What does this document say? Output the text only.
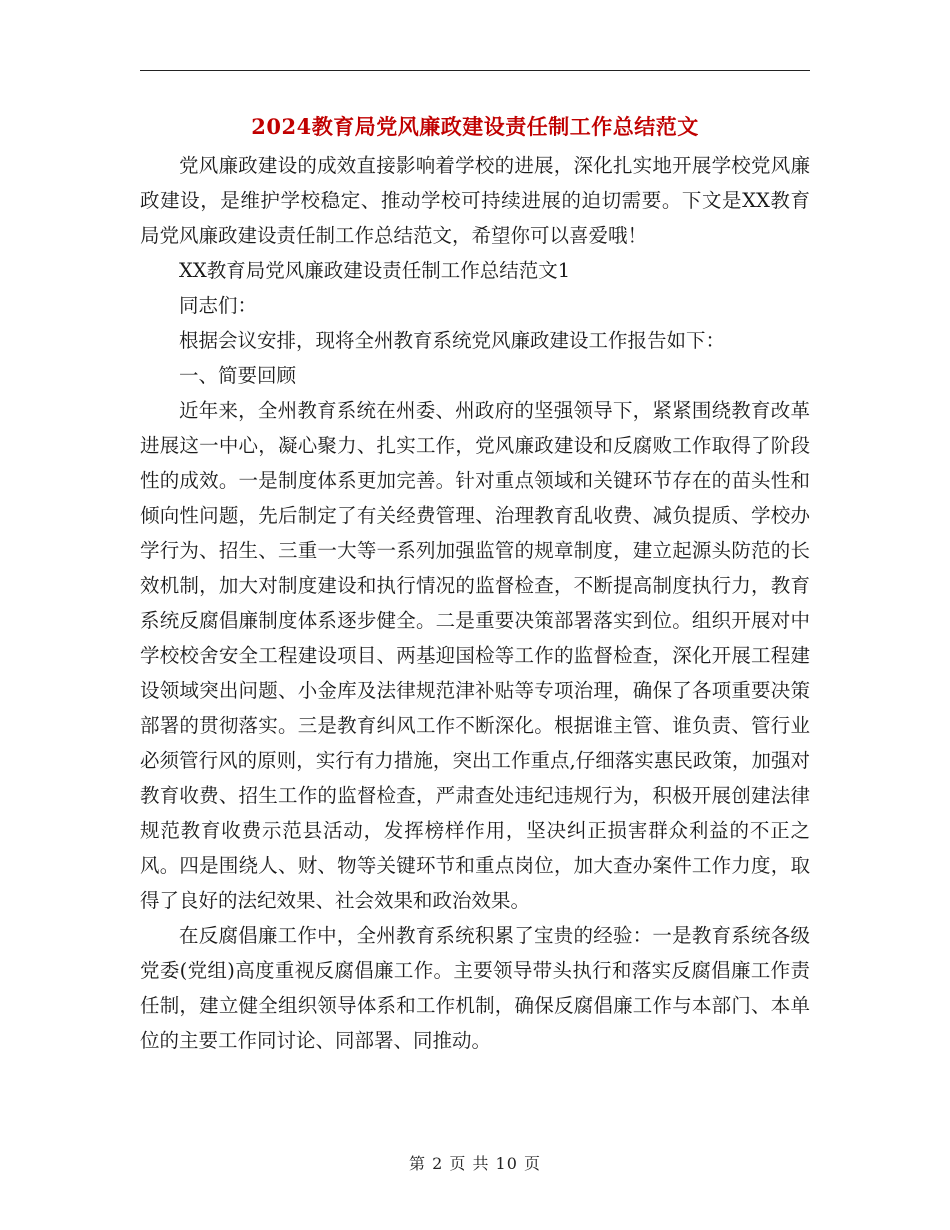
2024教育局党风廉政建设责任制工作总结范文

党风廉政建设的成效直接影响着学校的进展，深化扎实地开展学校党风廉政建设，是维护学校稳定、推动学校可持续进展的迫切需要。下文是XX教育局党风廉政建设责任制工作总结范文，希望你可以喜爱哦！

XX教育局党风廉政建设责任制工作总结范文1

同志们：

根据会议安排，现将全州教育系统党风廉政建设工作报告如下：

一、简要回顾

近年来，全州教育系统在州委、州政府的坚强领导下，紧紧围绕教育改革进展这一中心，凝心聚力、扎实工作，党风廉政建设和反腐败工作取得了阶段性的成效。一是制度体系更加完善。针对重点领域和关键环节存在的苗头性和倾向性问题，先后制定了有关经费管理、治理教育乱收费、减负提质、学校办学行为、招生、三重一大等一系列加强监管的规章制度，建立起源头防范的长效机制，加大对制度建设和执行情况的监督检查，不断提高制度执行力，教育系统反腐倡廉制度体系逐步健全。二是重要决策部署落实到位。组织开展对中学校校舍安全工程建设项目、两基迎国检等工作的监督检查，深化开展工程建设领域突出问题、小金库及法律规范津补贴等专项治理，确保了各项重要决策部署的贯彻落实。三是教育纠风工作不断深化。根据谁主管、谁负责、管行业必须管行风的原则，实行有力措施，突出工作重点,仔细落实惠民政策，加强对教育收费、招生工作的监督检查，严肃查处违纪违规行为，积极开展创建法律规范教育收费示范县活动，发挥榜样作用，坚决纠正损害群众利益的不正之风。四是围绕人、财、物等关键环节和重点岗位，加大查办案件工作力度，取得了良好的法纪效果、社会效果和政治效果。

在反腐倡廉工作中，全州教育系统积累了宝贵的经验：一是教育系统各级党委(党组)高度重视反腐倡廉工作。主要领导带头执行和落实反腐倡廉工作责任制，建立健全组织领导体系和工作机制，确保反腐倡廉工作与本部门、本单位的主要工作同讨论、同部署、同推动。

第 2 页 共 10 页
